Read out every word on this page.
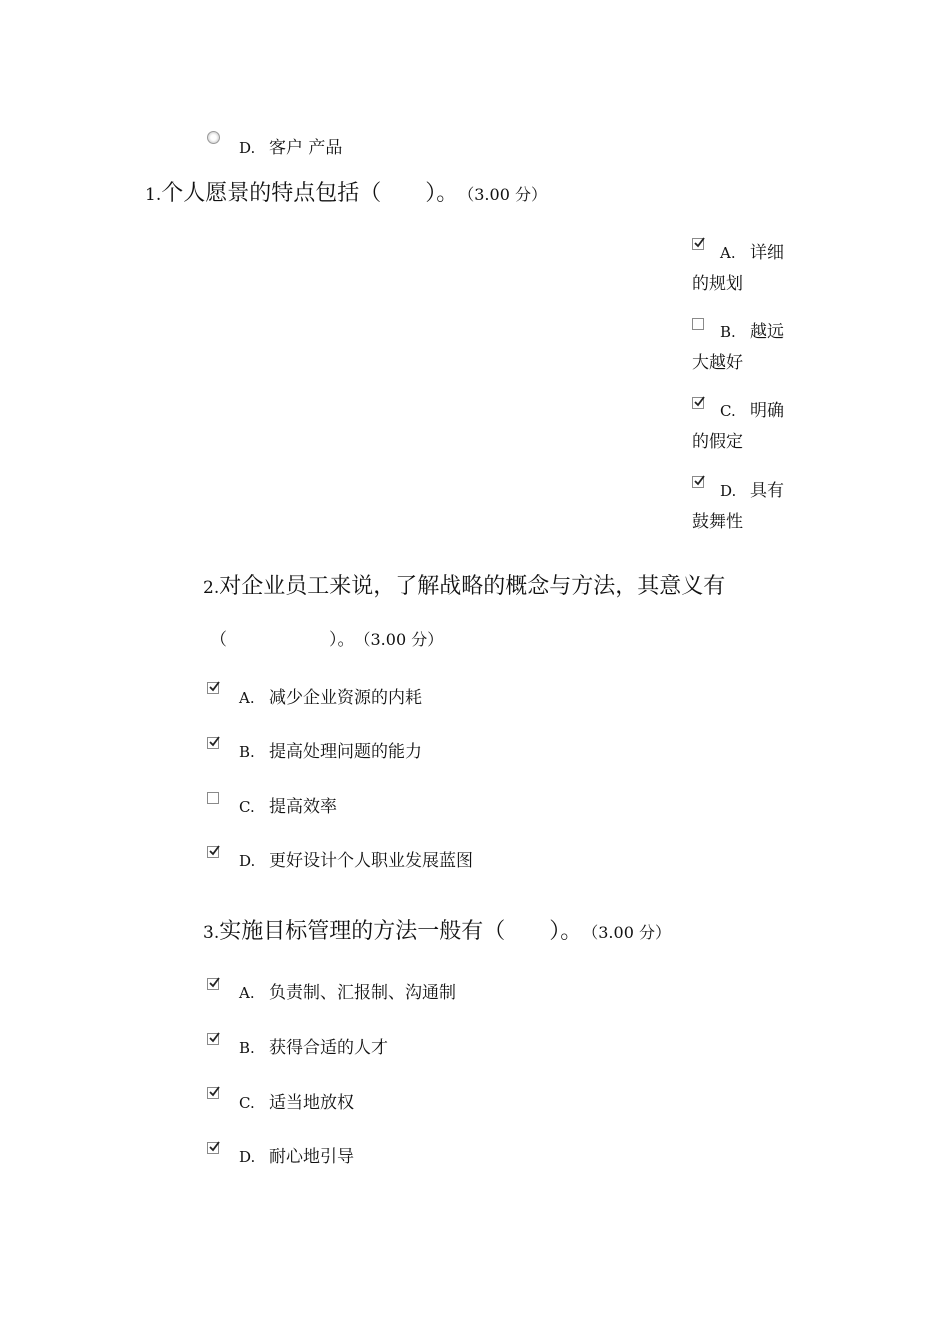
D. 客户 产品
1.个人愿景的特点包括（　　）。 （3.00 分）
A. 详细的规划
B. 越远大越好
C. 明确的假定
D. 具有鼓舞性
2.对企业员工来说，了解战略的概念与方法，其意义有
（　　　　　　）。 （3.00 分）
A. 减少企业资源的内耗
B. 提高处理问题的能力
C. 提高效率
D. 更好设计个人职业发展蓝图
3.实施目标管理的方法一般有（　　）。 （3.00 分）
A. 负责制、汇报制、沟通制
B. 获得合适的人才
C. 适当地放权
D. 耐心地引导
